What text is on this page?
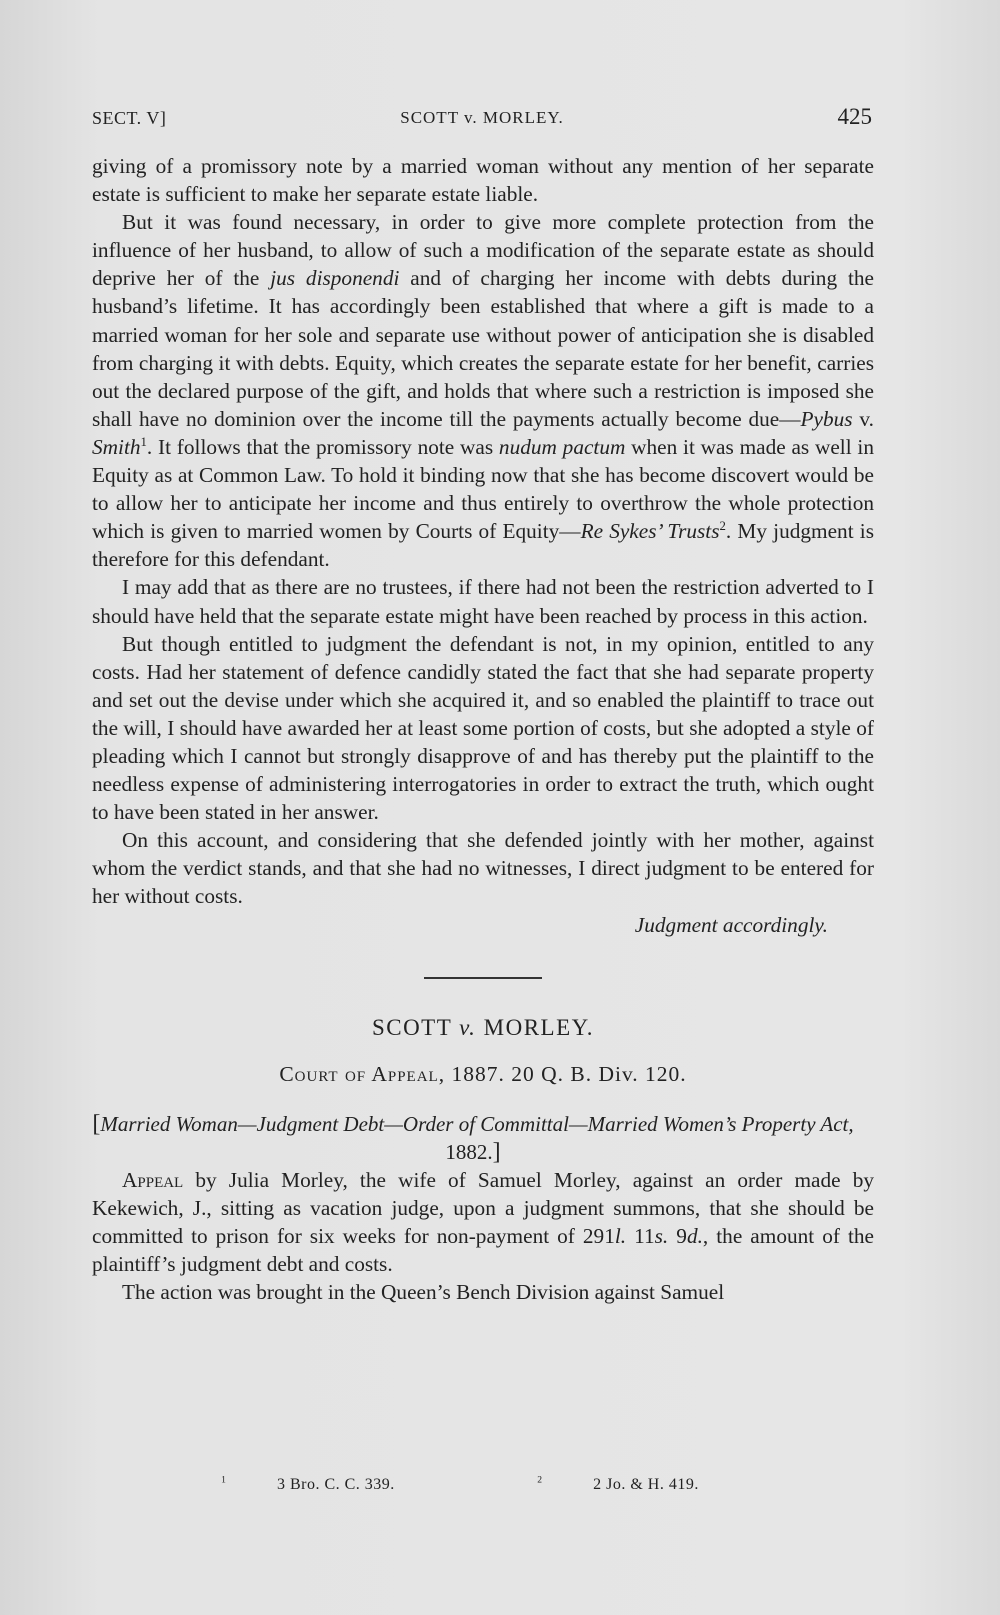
SECT. V]	SCOTT v. MORLEY.	425

giving of a promissory note by a married woman without any mention of her separate estate is sufficient to make her separate estate liable.

But it was found necessary, in order to give more complete protection from the influence of her husband, to allow of such a modification of the separate estate as should deprive her of the jus disponendi and of charging her income with debts during the husband’s lifetime. It has accordingly been established that where a gift is made to a married woman for her sole and separate use without power of anticipation she is disabled from charging it with debts. Equity, which creates the separate estate for her benefit, carries out the declared purpose of the gift, and holds that where such a restriction is imposed she shall have no dominion over the income till the payments actually become due—Pybus v. Smith$^1$. It follows that the promissory note was nudum pactum when it was made as well in Equity as at Common Law. To hold it binding now that she has become discovert would be to allow her to anticipate her income and thus entirely to overthrow the whole protection which is given to married women by Courts of Equity—Re Sykes’ Trusts$^2$. My judgment is therefore for this defendant.

I may add that as there are no trustees, if there had not been the restriction adverted to I should have held that the separate estate might have been reached by process in this action.

But though entitled to judgment the defendant is not, in my opinion, entitled to any costs. Had her statement of defence candidly stated the fact that she had separate property and set out the devise under which she acquired it, and so enabled the plaintiff to trace out the will, I should have awarded her at least some portion of costs, but she adopted a style of pleading which I cannot but strongly disapprove of and has thereby put the plaintiff to the needless expense of administering interrogatories in order to extract the truth, which ought to have been stated in her answer.

On this account, and considering that she defended jointly with her mother, against whom the verdict stands, and that she had no witnesses, I direct judgment to be entered for her without costs.

Judgment accordingly.

SCOTT v. MORLEY.
Court of Appeal, 1887. 20 Q. B. Div. 120.
[Married Woman—Judgment Debt—Order of Committal—Married Women’s Property Act, 1882.]

Appeal by Julia Morley, the wife of Samuel Morley, against an order made by Kekewich, J., sitting as vacation judge, upon a judgment summons, that she should be committed to prison for six weeks for non-payment of 291l. 11s. 9d., the amount of the plaintiff’s judgment debt and costs.

The action was brought in the Queen’s Bench Division against Samuel

$^1$	3 Bro. C. C. 339.	$^2$	2 Jo. & H. 419.
